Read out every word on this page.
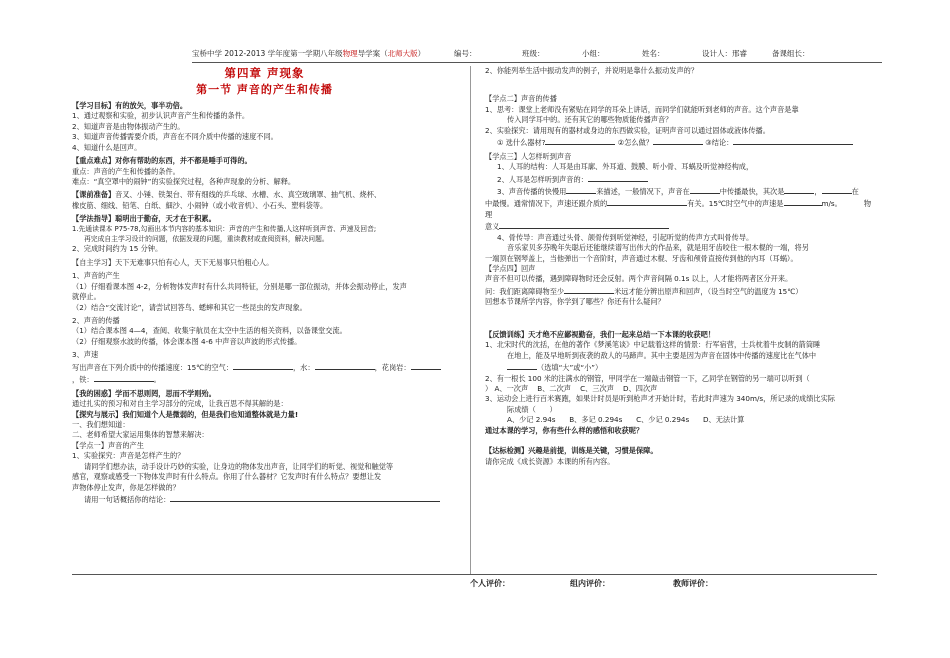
宝桥中学 2012-2013 学年度第一学期八年级物理导学案（北师大版）	编号：	班级：	小组：	姓名：	设计人：邢睿	备课组长：

第四章 声现象

第一节 声音的产生和传播

【学习目标】有的放矢，事半功倍。

1、通过观察和实验，初步认识声音产生和传播的条件。

2、知道声音是由物体振动产生的。

3、知道声音传播需要介质，声音在不同介质中传播的速度不同。

4、知道什么是回声。

【重点难点】对你有帮助的东西，并不都是唾手可得的。

重点：声音的产生和传播的条件。

难点：“真空罩中的闹钟”的实验探究过程，各种声现象的分析、解释。

【课前准备】音叉、小锤、铁架台、带有细线的乒乓球、水槽、水、真空玻璃罩、抽气机、烧杯、

橡皮筋、细线、铅笔、白纸、細沙、小闹钟（或小收音机）、小石头、塑料袋等。

【学法指导】聪明出于勤奋，天才在于积累。

1.先通读课本 P75-78,勾画出本节内容的基本知识：声音的产生和传播,人这样听到声音、声速及回音;

再完成自主学习设计的问题，依据发现的问题，重读教材或查阅资料，解决问题。

2、完成时间约为 15 分钟。

【自主学习】天下无难事只怕有心人，天下无易事只怕粗心人。

1、声音的产生

（1）仔细看课本图 4-2，分析物体发声时有什么共同特征，分别是哪一部位振动，并体会振动停止，发声

就停止。

（2）结合“交流讨论”，请尝试回答鸟、蟋蟀和其它一些昆虫的发声现象。

2、声音的传播

（1）结合课本图 4—4，查阅、收集宇航员在太空中生活的相关资料，以备课堂交流。

（2）仔细观察水波的传播，体会课本图 4-6 中声音以声波的形式传播。

3、声速

写出声音在下列介质中的传播速度：15℃的空气：	，水：	，花岗岩：

，铁：	。

【我的困惑】学而不思则罔，思而不学则殆。

通过扎实的预习和对自主学习部分的完成，让我百思不得其解的是：

【探究与展示】我们知道个人是微弱的，但是我们也知道整体就是力量!

一、我们想知道：

二、老师希望大家运用集体的智慧来解决：

【学点一】声音的产生

1、实验探究：声音是怎样产生的？

请同学们想办法，动手设计巧妙的实验，让身边的物体发出声音，让同学们的听觉、视觉和触觉等

感官，观察或感受一下物体发声时有什么特点。你用了什么器材？它发声时有什么特点？要想让发

声物体停止发声，你是怎样做的？

请用一句话概括你的结论：

2、你能列举生活中振动发声的例子，并说明是靠什么振动发声的？

【学点二】声音的传播

1、思考：课堂上老师没有紧贴在同学的耳朵上讲话，而同学们就能听到老师的声音。这个声音是靠

传入同学耳中的。还有其它的哪些物质能传播声音？

2、实验探究：请用现有的器材或身边的东西做实验，证明声音可以通过固体或液体传播。

① 选什么器材?	②怎么做？	③结论：

【学点三】人怎样听到声音

1、人耳的结构：人耳是由耳廓、外耳道、鼓膜、听小骨、耳蜗及听觉神经构成，

2、人耳是怎样听到声音的：

3、声音传播的快慢用	来描述，一般情况下，声音在	中传播最快，其次是	，	在

中最慢。通常情况下，声速还跟介质的	有关。15℃时空气中的声速是	m/s。	物理

意义

4、骨传导：声音通过头骨、颌骨传到听觉神经，引起听觉的传声方式叫骨传导。

音乐家贝多芬晚年失聪后还能继续谱写出伟大的作品来，就是用牙齿咬住一根木棍的一端，将另

一端顶在钢琴盖上，当他弹出一个音阶时，声音通过木棍、牙齿和颅骨直接传到他的内耳（耳蜗）。

【学点四】回声

声音不但可以传播，遇到障碍物时还会反射。两个声音间隔 0.1s 以上，人才能将两者区分开来。

问：我们距离障碍物至少	米远才能分辨出原声和回声，（设当时空气的温度为 15℃）

回想本节课所学内容，你学到了哪些？你还有什么疑问？

【反馈训练】天才绝不应鄙视勤奋，我们一起来总结一下本课的收获吧！

1、北宋时代的沈括，在他的著作《梦溪笔谈》中记载着这样的情景：行军宿营，士兵枕着牛皮制的箭筒睡

在地上，能及早地听到夜袭的敌人的马蹄声。其中主要是因为声音在固体中传播的速度比在气体中

（选填“大”或“小”）

2、有一根长 100 米的注满水的钢管，甲同学在一端敲击钢管一下，乙同学在钢管的另一端可以听到（

） A、一次声 B、二次声 C、三次声 D、四次声

3、运动会上进行百米赛跑，如果计时员是听到枪声才开始计时，若此时声速为 340m/s，所记录的成绩比实际

际成绩（ ）

A、少记 2.94s B、多记 0.294s C、少记 0.294s D、无法计算

通过本课的学习，你有些什么样的感悟和收获呢？

【达标检测】兴趣是前提，训练是关键，习惯是保障。

请你完成《成长资源》本课的所有内容。

个人评价：	组内评价：	教师评价：
